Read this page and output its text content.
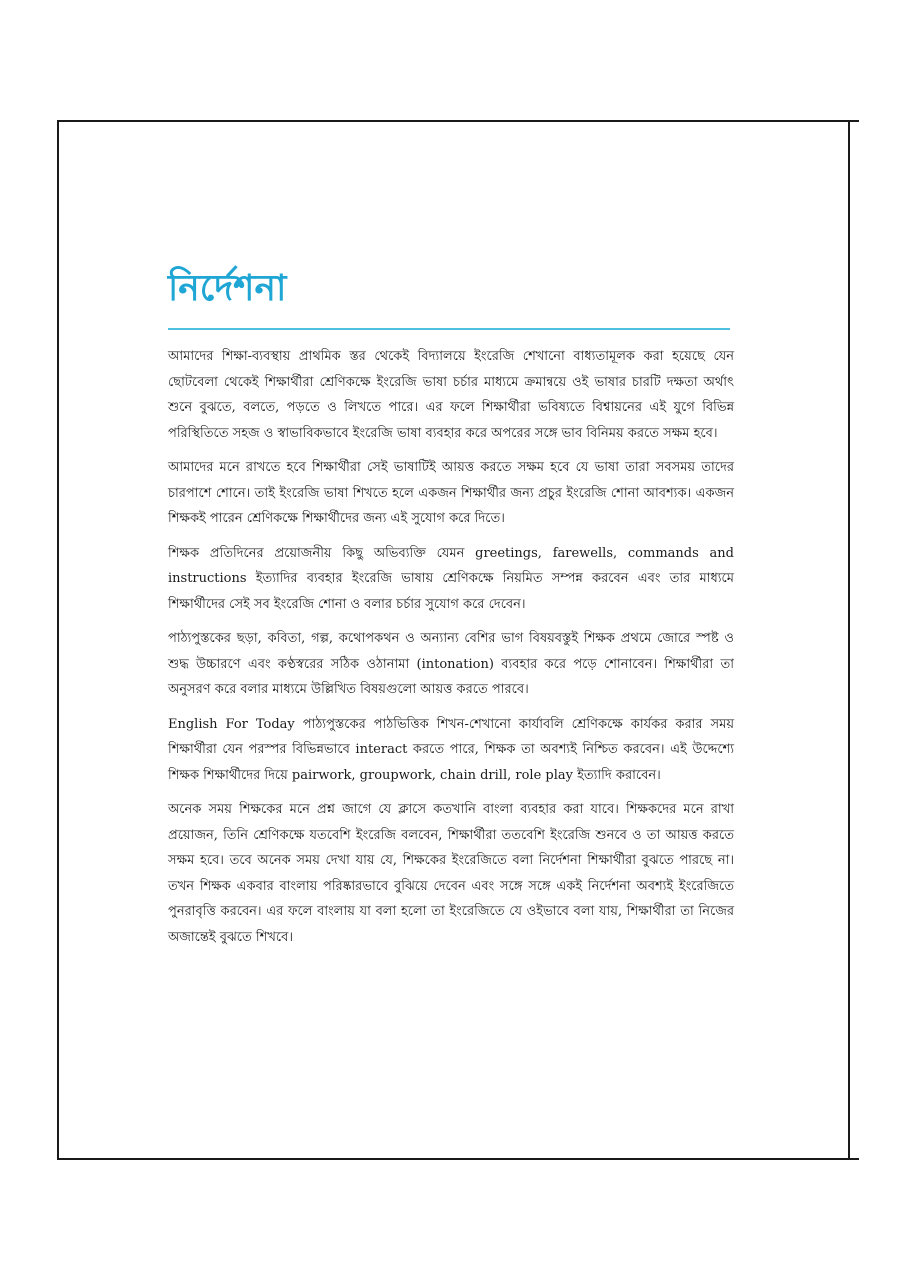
নির্দেশনা

আমাদের শিক্ষা-ব্যবস্থায় প্রাথমিক স্তর থেকেই বিদ্যালয়ে ইংরেজি শেখানো বাধ্যতামূলক করা হয়েছে যেন ছোটবেলা থেকেই শিক্ষার্থীরা শ্রেণিকক্ষে ইংরেজি ভাষা চর্চার মাধ্যমে ক্রমান্বয়ে ওই ভাষার চারটি দক্ষতা অর্থাৎ শুনে বুঝতে, বলতে, পড়তে ও লিখতে পারে। এর ফলে শিক্ষার্থীরা ভবিষ্যতে বিশ্বায়নের এই যুগে বিভিন্ন পরিস্থিতিতে সহজ ও স্বাভাবিকভাবে ইংরেজি ভাষা ব্যবহার করে অপরের সঙ্গে ভাব বিনিময় করতে সক্ষম হবে।

আমাদের মনে রাখতে হবে শিক্ষার্থীরা সেই ভাষাটিই আয়ত্ত করতে সক্ষম হবে যে ভাষা তারা সবসময় তাদের চারপাশে শোনে। তাই ইংরেজি ভাষা শিখতে হলে একজন শিক্ষার্থীর জন্য প্রচুর ইংরেজি শোনা আবশ্যক। একজন শিক্ষকই পারেন শ্রেণিকক্ষে শিক্ষার্থীদের জন্য এই সুযোগ করে দিতে।

শিক্ষক প্রতিদিনের প্রয়োজনীয় কিছু অভিব্যক্তি যেমন greetings, farewells, commands and instructions ইত্যাদির ব্যবহার ইংরেজি ভাষায় শ্রেণিকক্ষে নিয়মিত সম্পন্ন করবেন এবং তার মাধ্যমে শিক্ষার্থীদের সেই সব ইংরেজি শোনা ও বলার চর্চার সুযোগ করে দেবেন।

পাঠ্যপুস্তকের ছড়া, কবিতা, গল্প, কথোপকথন ও অন্যান্য বেশির ভাগ বিষয়বস্তুই শিক্ষক প্রথমে জোরে স্পষ্ট ও শুদ্ধ উচ্চারণে এবং কণ্ঠস্বরের সঠিক ওঠানামা (intonation) ব্যবহার করে পড়ে শোনাবেন। শিক্ষার্থীরা তা অনুসরণ করে বলার মাধ্যমে উল্লিখিত বিষয়গুলো আয়ত্ত করতে পারবে।

English For Today পাঠ্যপুস্তকের পাঠভিত্তিক শিখন-শেখানো কার্যাবলি শ্রেণিকক্ষে কার্যকর করার সময় শিক্ষার্থীরা যেন পরস্পর বিভিন্নভাবে interact করতে পারে, শিক্ষক তা অবশ্যই নিশ্চিত করবেন। এই উদ্দেশ্যে শিক্ষক শিক্ষার্থীদের দিয়ে pairwork, groupwork, chain drill, role play ইত্যাদি করাবেন।

অনেক সময় শিক্ষকের মনে প্রশ্ন জাগে যে ক্লাসে কতখানি বাংলা ব্যবহার করা যাবে। শিক্ষকদের মনে রাখা প্রয়োজন, তিনি শ্রেণিকক্ষে যতবেশি ইংরেজি বলবেন, শিক্ষার্থীরা ততবেশি ইংরেজি শুনবে ও তা আয়ত্ত করতে সক্ষম হবে। তবে অনেক সময় দেখা যায় যে, শিক্ষকের ইংরেজিতে বলা নির্দেশনা শিক্ষার্থীরা বুঝতে পারছে না। তখন শিক্ষক একবার বাংলায় পরিষ্কারভাবে বুঝিয়ে দেবেন এবং সঙ্গে সঙ্গে একই নির্দেশনা অবশ্যই ইংরেজিতে পুনরাবৃত্তি করবেন। এর ফলে বাংলায় যা বলা হলো তা ইংরেজিতে যে ওইভাবে বলা যায়, শিক্ষার্থীরা তা নিজের অজান্তেই বুঝতে শিখবে।
